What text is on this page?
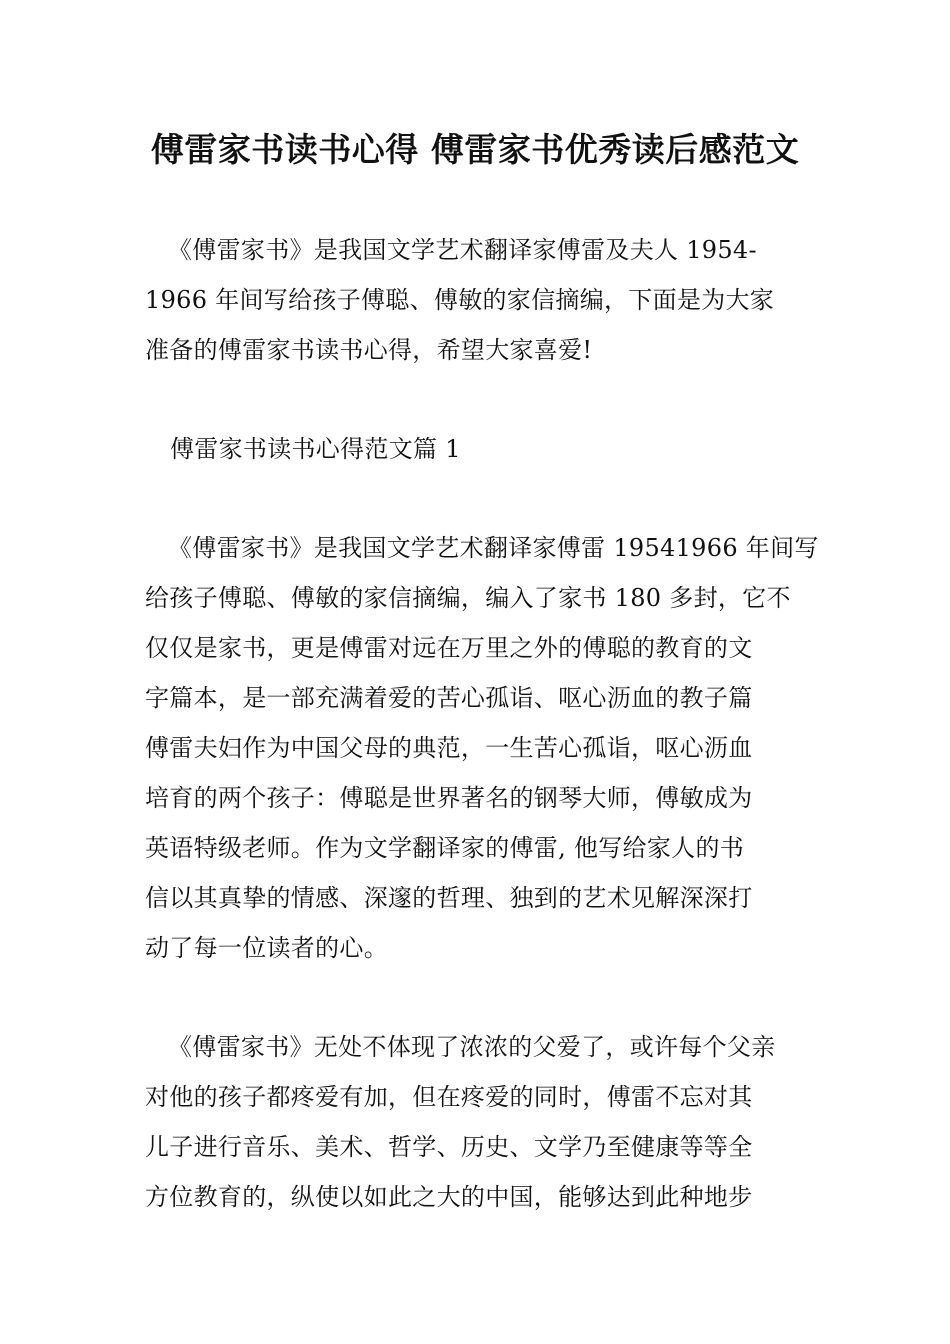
傅雷家书读书心得 傅雷家书优秀读后感范文

《傅雷家书》是我国文学艺术翻译家傅雷及夫人 1954-

1966 年间写给孩子傅聪、傅敏的家信摘编，下面是为大家

准备的傅雷家书读书心得，希望大家喜爱!

傅雷家书读书心得范文篇 1

《傅雷家书》是我国文学艺术翻译家傅雷 19541966 年间写

给孩子傅聪、傅敏的家信摘编，编入了家书 180 多封，它不

仅仅是家书，更是傅雷对远在万里之外的傅聪的教育的文

字篇本，是一部充满着爱的苦心孤诣、呕心沥血的教子篇

傅雷夫妇作为中国父母的典范，一生苦心孤诣，呕心沥血

培育的两个孩子：傅聪是世界著名的钢琴大师，傅敏成为

英语特级老师。作为文学翻译家的傅雷, 他写给家人的书

信以其真挚的情感、深邃的哲理、独到的艺术见解深深打

动了每一位读者的心。

《傅雷家书》无处不体现了浓浓的父爱了，或许每个父亲

对他的孩子都疼爱有加，但在疼爱的同时，傅雷不忘对其

儿子进行音乐、美术、哲学、历史、文学乃至健康等等全

方位教育的，纵使以如此之大的中国，能够达到此种地步
